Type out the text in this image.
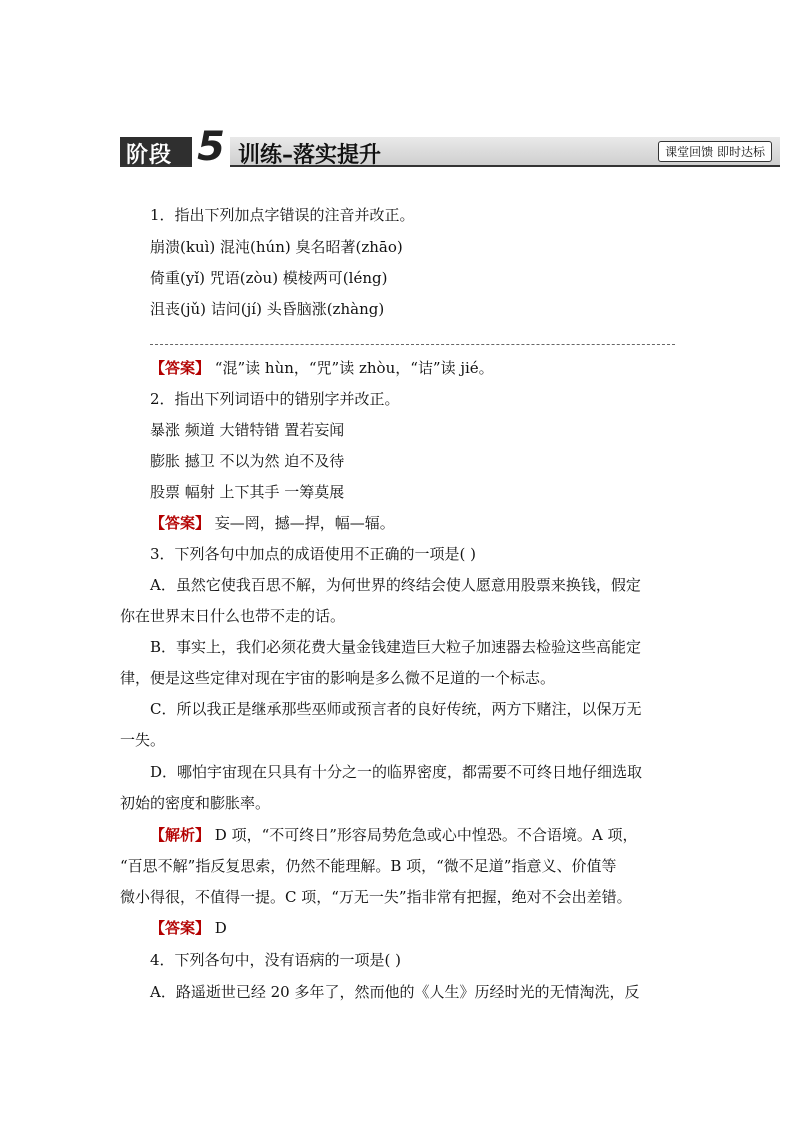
阶段 5 训练–落实提升	课堂回馈 即时达标
1．指出下列加点字错误的注音并改正。
崩溃(kuì) 混沌(hún) 臭名昭著(zhāo)
倚重(yǐ) 咒语(zòu) 模棱两可(léng)
沮丧(jǔ) 诘问(jí) 头昏脑涨(zhàng)
【答案】 “混”读 hùn，“咒”读 zhòu，“诘”读 jié。
2．指出下列词语中的错别字并改正。
暴涨 频道 大错特错 置若妄闻
膨胀 撼卫 不以为然 迫不及待
股票 幅射 上下其手 一筹莫展
【答案】 妄—罔，撼—捍，幅—辐。
3．下列各句中加点的成语使用不正确的一项是( )
A．虽然它使我百思不解，为何世界的终结会使人愿意用股票来换钱，假定
你在世界末日什么也带不走的话。
B．事实上，我们必须花费大量金钱建造巨大粒子加速器去检验这些高能定
律，便是这些定律对现在宇宙的影响是多么微不足道的一个标志。
C．所以我正是继承那些巫师或预言者的良好传统，两方下赌注，以保万无
一失。
D．哪怕宇宙现在只具有十分之一的临界密度，都需要不可终日地仔细选取
初始的密度和膨胀率。
【解析】 D 项，“不可终日”形容局势危急或心中惶恐。不合语境。A 项，
“百思不解”指反复思索，仍然不能理解。B 项，“微不足道”指意义、价值等
微小得很，不值得一提。C 项，“万无一失”指非常有把握，绝对不会出差错。
【答案】 D
4．下列各句中，没有语病的一项是( )
A．路遥逝世已经 20 多年了，然而他的《人生》历经时光的无情淘洗，反
